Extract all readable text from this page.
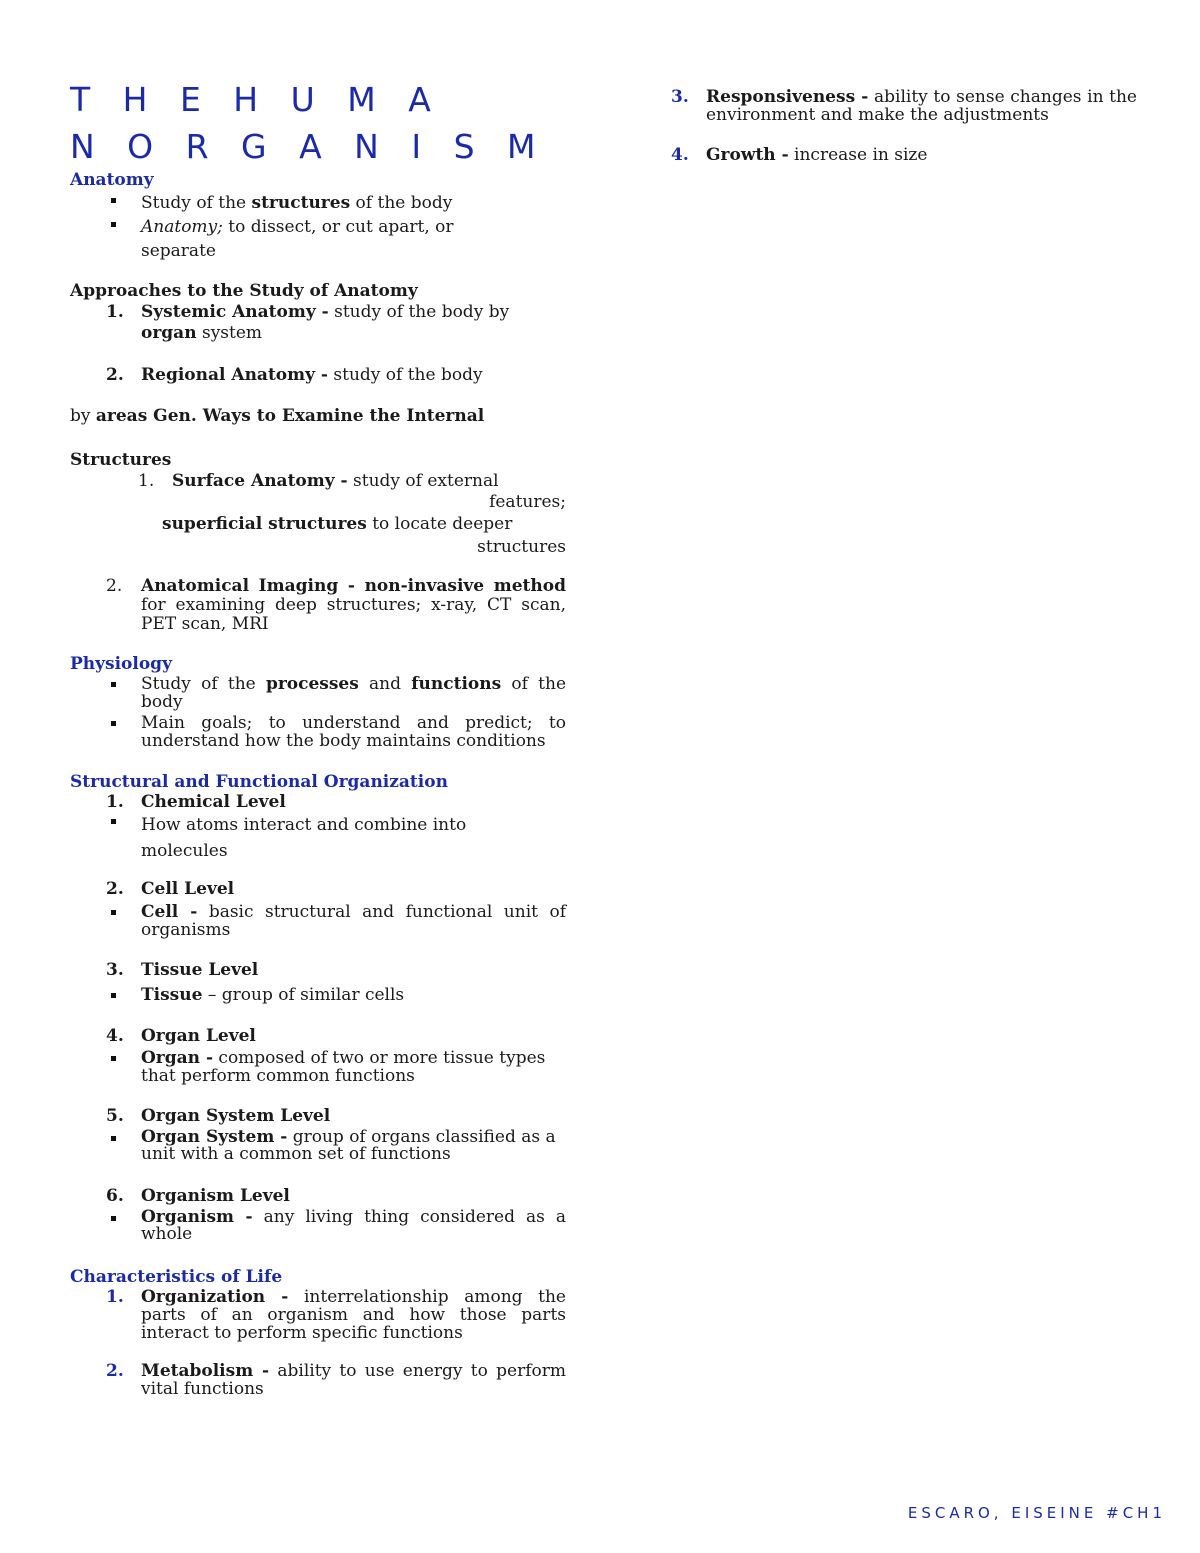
T H E H U M A
N O R G A N I S M
Anatomy
Study of the structures of the body
Anatomy; to dissect, or cut apart, or
separate
Approaches to the Study of Anatomy
1. Systemic Anatomy - study of the body by
organ system
2. Regional Anatomy - study of the body
by areas Gen. Ways to Examine the Internal
Structures
1. Surface Anatomy - study of external
features;
superficial structures to locate deeper
structures
2. Anatomical Imaging - non-invasive method for examining deep structures; x-ray, CT scan, PET scan, MRI
Physiology
Study of the processes and functions of the body
Main goals; to understand and predict; to understand how the body maintains conditions
Structural and Functional Organization
1. Chemical Level
How atoms interact and combine into
molecules
2. Cell Level
Cell - basic structural and functional unit of organisms
3. Tissue Level
Tissue – group of similar cells
4. Organ Level
Organ - composed of two or more tissue types that perform common functions
5. Organ System Level
Organ System - group of organs classified as a unit with a common set of functions
6. Organism Level
Organism - any living thing considered as a whole
Characteristics of Life
1. Organization - interrelationship among the parts of an organism and how those parts interact to perform specific functions
2. Metabolism - ability to use energy to perform vital functions
3. Responsiveness - ability to sense changes in the environment and make the adjustments
4. Growth - increase in size
ESCARO, EISEINE #CH1
